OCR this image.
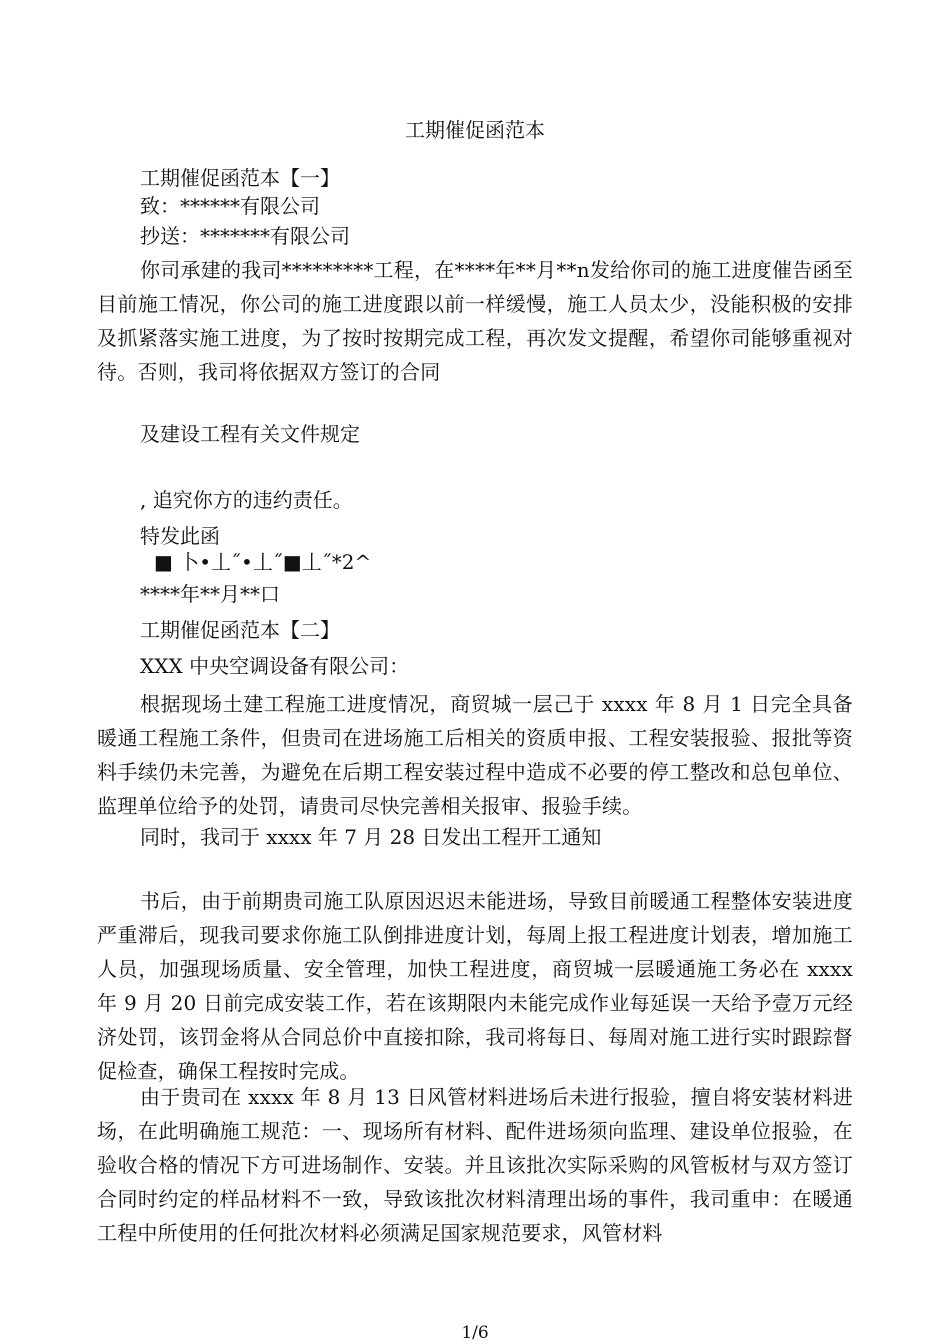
工期催促函范本
工期催促函范本【一】
致：******有限公司
抄送：*******有限公司
你司承建的我司*********工程，在****年**月**n发给你司的施工进度催告函至目前施工情况，你公司的施工进度跟以前一样缓慢，施工人员太少，没能积极的安排及抓紧落实施工进度，为了按时按期完成工程，再次发文提醒，希望你司能够重视对待。否则，我司将依据双方签订的合同
及建设工程有关文件规定
, 追究你方的违约责任。
特发此函
■ 卜•丄˝•丄˝■丄˝*2^
****年**月**口
工期催促函范本【二】
XXX 中央空调设备有限公司：
根据现场土建工程施工进度情况，商贸城一层己于 xxxx 年 8 月 1 日完全具备暖通工程施工条件，但贵司在进场施工后相关的资质申报、工程安装报验、报批等资料手续仍未完善，为避免在后期工程安装过程中造成不必要的停工整改和总包单位、监理单位给予的处罚，请贵司尽快完善相关报审、报验手续。
同时，我司于 xxxx 年 7 月 28 日发出工程开工通知
书后，由于前期贵司施工队原因迟迟未能进场，导致目前暖通工程整体安装进度严重滞后，现我司要求你施工队倒排进度计划，每周上报工程进度计划表，增加施工人员，加强现场质量、安全管理，加快工程进度，商贸城一层暖通施工务必在 xxxx 年 9 月 20 日前完成安装工作，若在该期限内未能完成作业每延误一天给予壹万元经济处罚，该罚金将从合同总价中直接扣除，我司将每日、每周对施工进行实时跟踪督促检查，确保工程按时完成。
由于贵司在 xxxx 年 8 月 13 日风管材料进场后未进行报验，擅自将安装材料进场，在此明确施工规范：一、现场所有材料、配件进场须向监理、建设单位报验，在验收合格的情况下方可进场制作、安装。并且该批次实际采购的风管板材与双方签订合同时约定的样品材料不一致，导致该批次材料清理出场的事件，我司重申：在暖通工程中所使用的任何批次材料必须满足国家规范要求，风管材料
1/6
